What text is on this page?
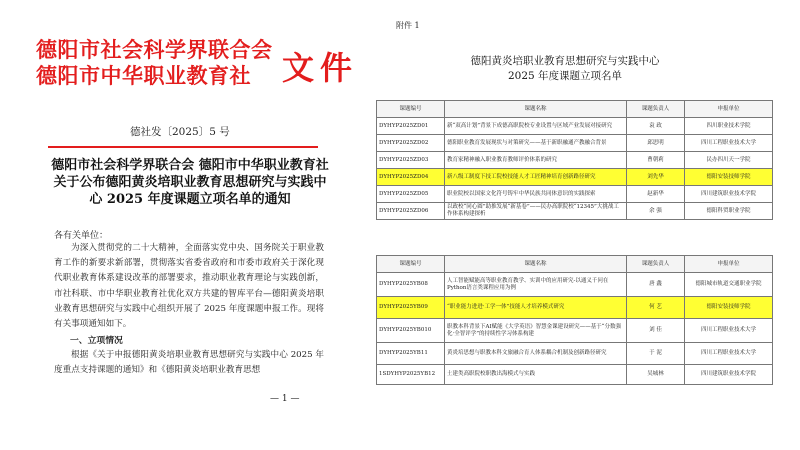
德阳市社会科学界联合会
德阳市中华职业教育社 文件
德社发〔2025〕5 号
德阳市社会科学界联合会 德阳市中华职业教育社关于公布德阳黄炎培职业教育思想研究与实践中心 2025 年度课题立项名单的通知
各有关单位：
为深入贯彻党的二十大精神，全面落实党中央、国务院关于职业教育工作的新要求新部署，贯彻落实省委省政府和市委市政府关于深化现代职业教育体系建设改革的部署要求，推动职业教育理论与实践创新，市社科联、市中华职业教育社优化双方共建的智库平台—德阳黄炎培职业教育思想研究与实践中心组织开展了 2025 年度课题申报工作。现将有关事项通知如下。
一、立项情况
根据《关于申报德阳黄炎培职业教育思想研究与实践中心 2025 年度重点支持课题的通知》和《德阳黄炎培职业教育思想
— 1 —
附件 1
德阳黄炎培职业教育思想研究与实践中心
2025 年度课题立项名单
课题编号	课题名称	课题负责人	申报单位
DYHYP2025ZD01	新“双高计划”背景下成德高职院校专业设置与区域产业发展对接研究	袁 政	四川职业技术学院
DYHYP2025ZD02	德阳职业教育发展现状与对策研究——基于新职融通产教融合背景	邱思明	四川工程职业技术大学
DYHYP2025ZD03	教育家精神融入职业教育教师评价体系的研究	曹朝莉	民办四川天一学院
DYHYP2025ZD04	新八级工制度下技工院校技能人才工匠精神培育创新路径研究	刘先华	德阳安装技师学院
DYHYP2025ZD05	职业院校以国家文化符号铸牢中华民族共同体意识的实践探索	赵新华	四川建筑职业技术学院
DYHYP2025ZD06	以政校“同心圆”助推发展“新基卷”——民办高职院校“12345”大挑战工作体系构建探析	余 强	德阳科贸职业学院
课题编号	课题名称	课题负责人	申报单位
DYHYP2025YB08	人工智能赋能高等职业教育教学、实训中的应用研究-以通义千问在Python语言类课程应用为例	唐 鑫	德阳城市轨道交通职业学院
DYHYP2025YB09	“职业能力进进·工学一体”技能人才培养模式研究	何 艺	德阳安装技师学院
DYHYP2025YB010	职教本科背景下AI赋能《大学英语》智慧金课建设研究——基于“分数强化·全智评学”的持续性学习体系构建	刘 佳	四川工程职业技术大学
DYHYP2025YB11	黄炎培思想与职教本科文旅融合育人体系耦合机制及创新路径研究	于 泥	四川工程职业技术大学
1SDYHYP2025YB12	土建类高职院校职教出海模式与实践	吴城林	四川建筑职业技术学院
